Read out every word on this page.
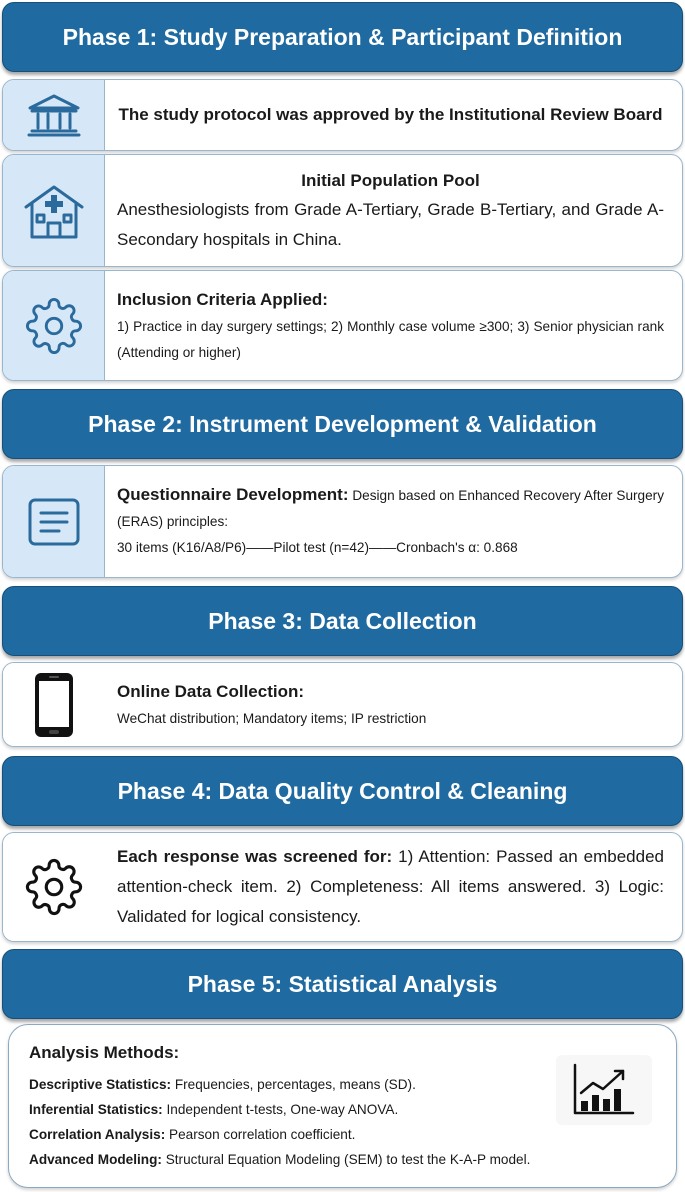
Phase 1: Study Preparation & Participant Definition
The study protocol was approved by the Institutional Review Board
Initial Population Pool
Anesthesiologists from Grade A-Tertiary, Grade B-Tertiary, and Grade A-Secondary hospitals in China.
Inclusion Criteria Applied:
1) Practice in day surgery settings; 2) Monthly case volume ≥300; 3) Senior physician rank (Attending or higher)
Phase 2: Instrument Development & Validation
Questionnaire Development: Design based on Enhanced Recovery After Surgery (ERAS) principles:
30 items (K16/A8/P6)——Pilot test (n=42)——Cronbach's α: 0.868
Phase 3: Data Collection
Online Data Collection:
WeChat distribution; Mandatory items; IP restriction
Phase 4: Data Quality Control & Cleaning
Each response was screened for: 1) Attention: Passed an embedded attention-check item. 2) Completeness: All items answered. 3) Logic: Validated for logical consistency.
Phase 5: Statistical Analysis
Analysis Methods:
Descriptive Statistics: Frequencies, percentages, means (SD).
Inferential Statistics: Independent t-tests, One-way ANOVA.
Correlation Analysis: Pearson correlation coefficient.
Advanced Modeling: Structural Equation Modeling (SEM) to test the K-A-P model.
